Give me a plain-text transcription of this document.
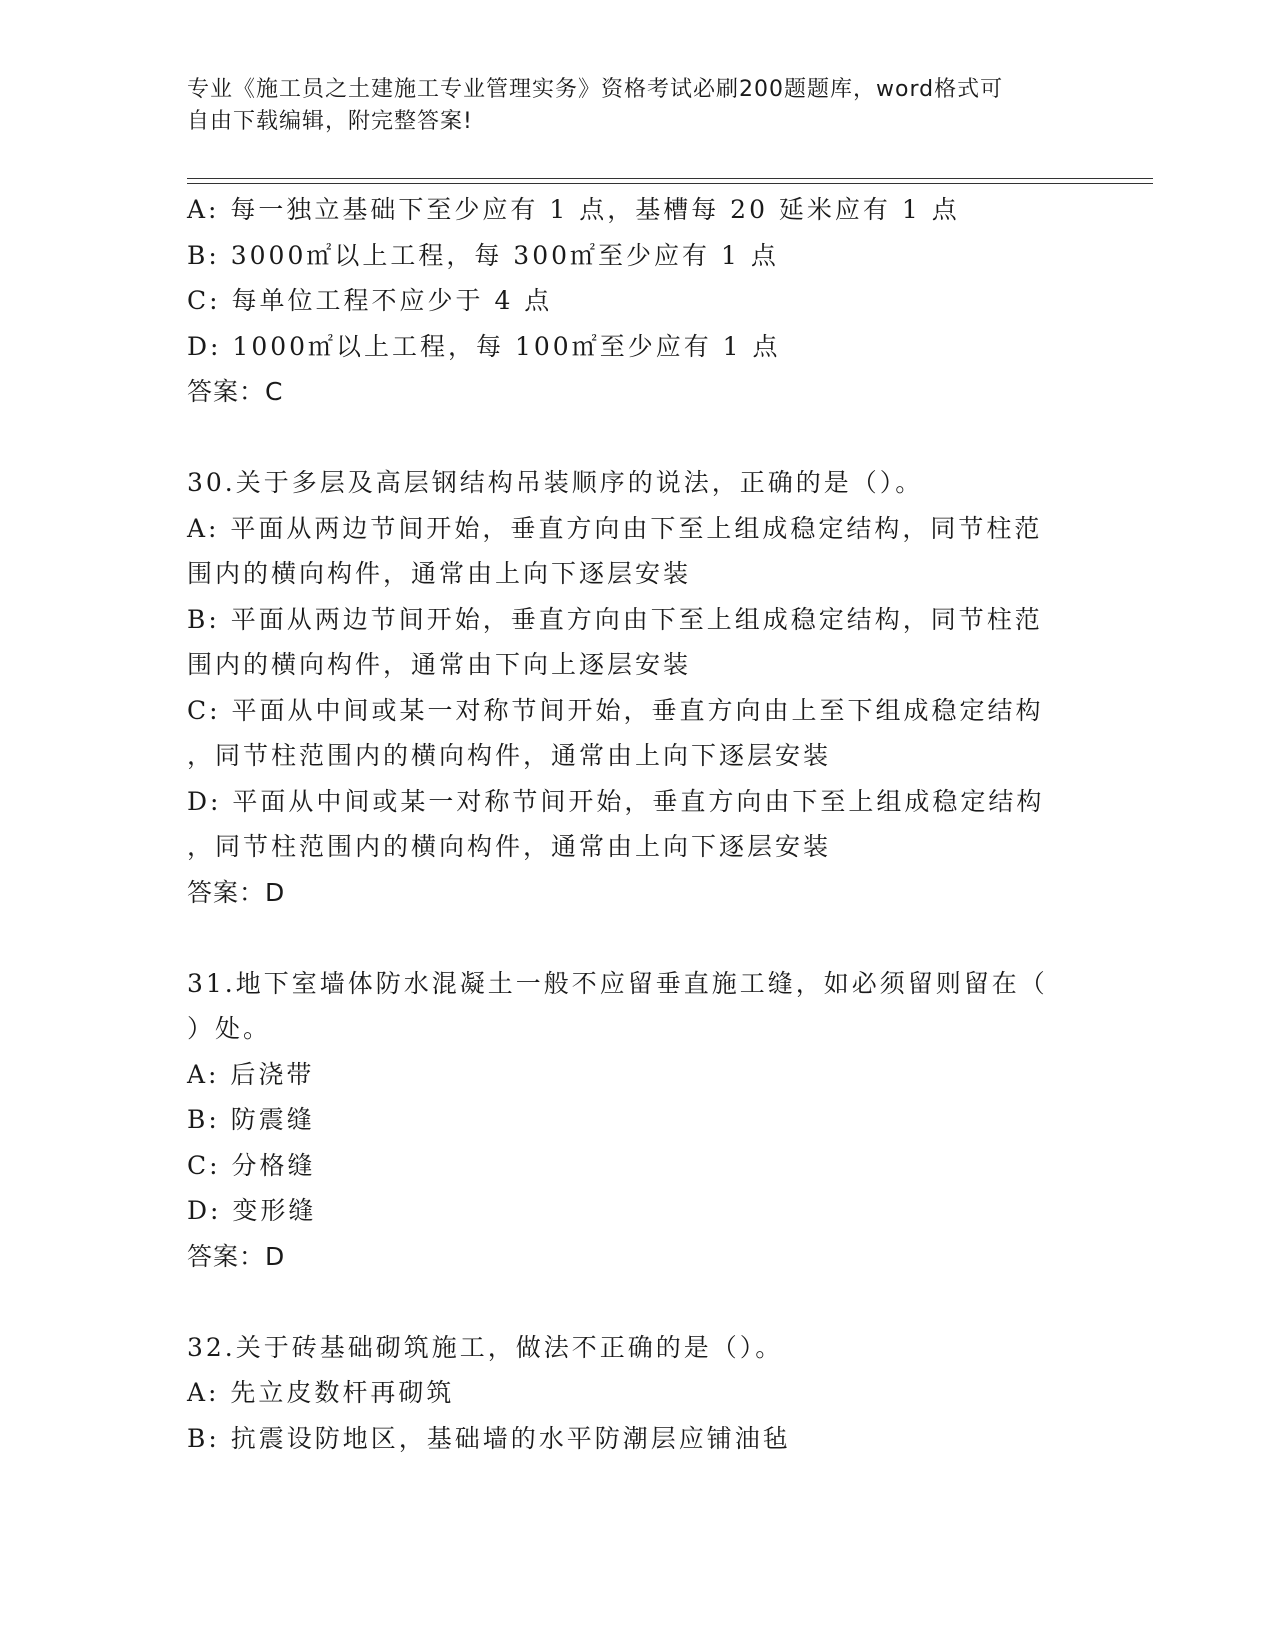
专业《施工员之土建施工专业管理实务》资格考试必刷200题题库，word格式可
自由下载编辑，附完整答案!

A: 每一独立基础下至少应有 1 点，基槽每 20 延米应有 1 点

B: 3000㎡以上工程，每 300㎡至少应有 1 点

C: 每单位工程不应少于 4 点

D: 1000㎡以上工程，每 100㎡至少应有 1 点

答案：C

30.关于多层及高层钢结构吊装顺序的说法，正确的是（）。

A: 平面从两边节间开始，垂直方向由下至上组成稳定结构，同节柱范

围内的横向构件，通常由上向下逐层安装

B: 平面从两边节间开始，垂直方向由下至上组成稳定结构，同节柱范

围内的横向构件，通常由下向上逐层安装

C: 平面从中间或某一对称节间开始，垂直方向由上至下组成稳定结构

，同节柱范围内的横向构件，通常由上向下逐层安装

D: 平面从中间或某一对称节间开始，垂直方向由下至上组成稳定结构

，同节柱范围内的横向构件，通常由上向下逐层安装

答案：D

31.地下室墙体防水混凝土一般不应留垂直施工缝，如必须留则留在（

）处。

A: 后浇带

B: 防震缝

C: 分格缝

D: 变形缝

答案：D

32.关于砖基础砌筑施工，做法不正确的是（）。

A: 先立皮数杆再砌筑

B: 抗震设防地区，基础墙的水平防潮层应铺油毡
